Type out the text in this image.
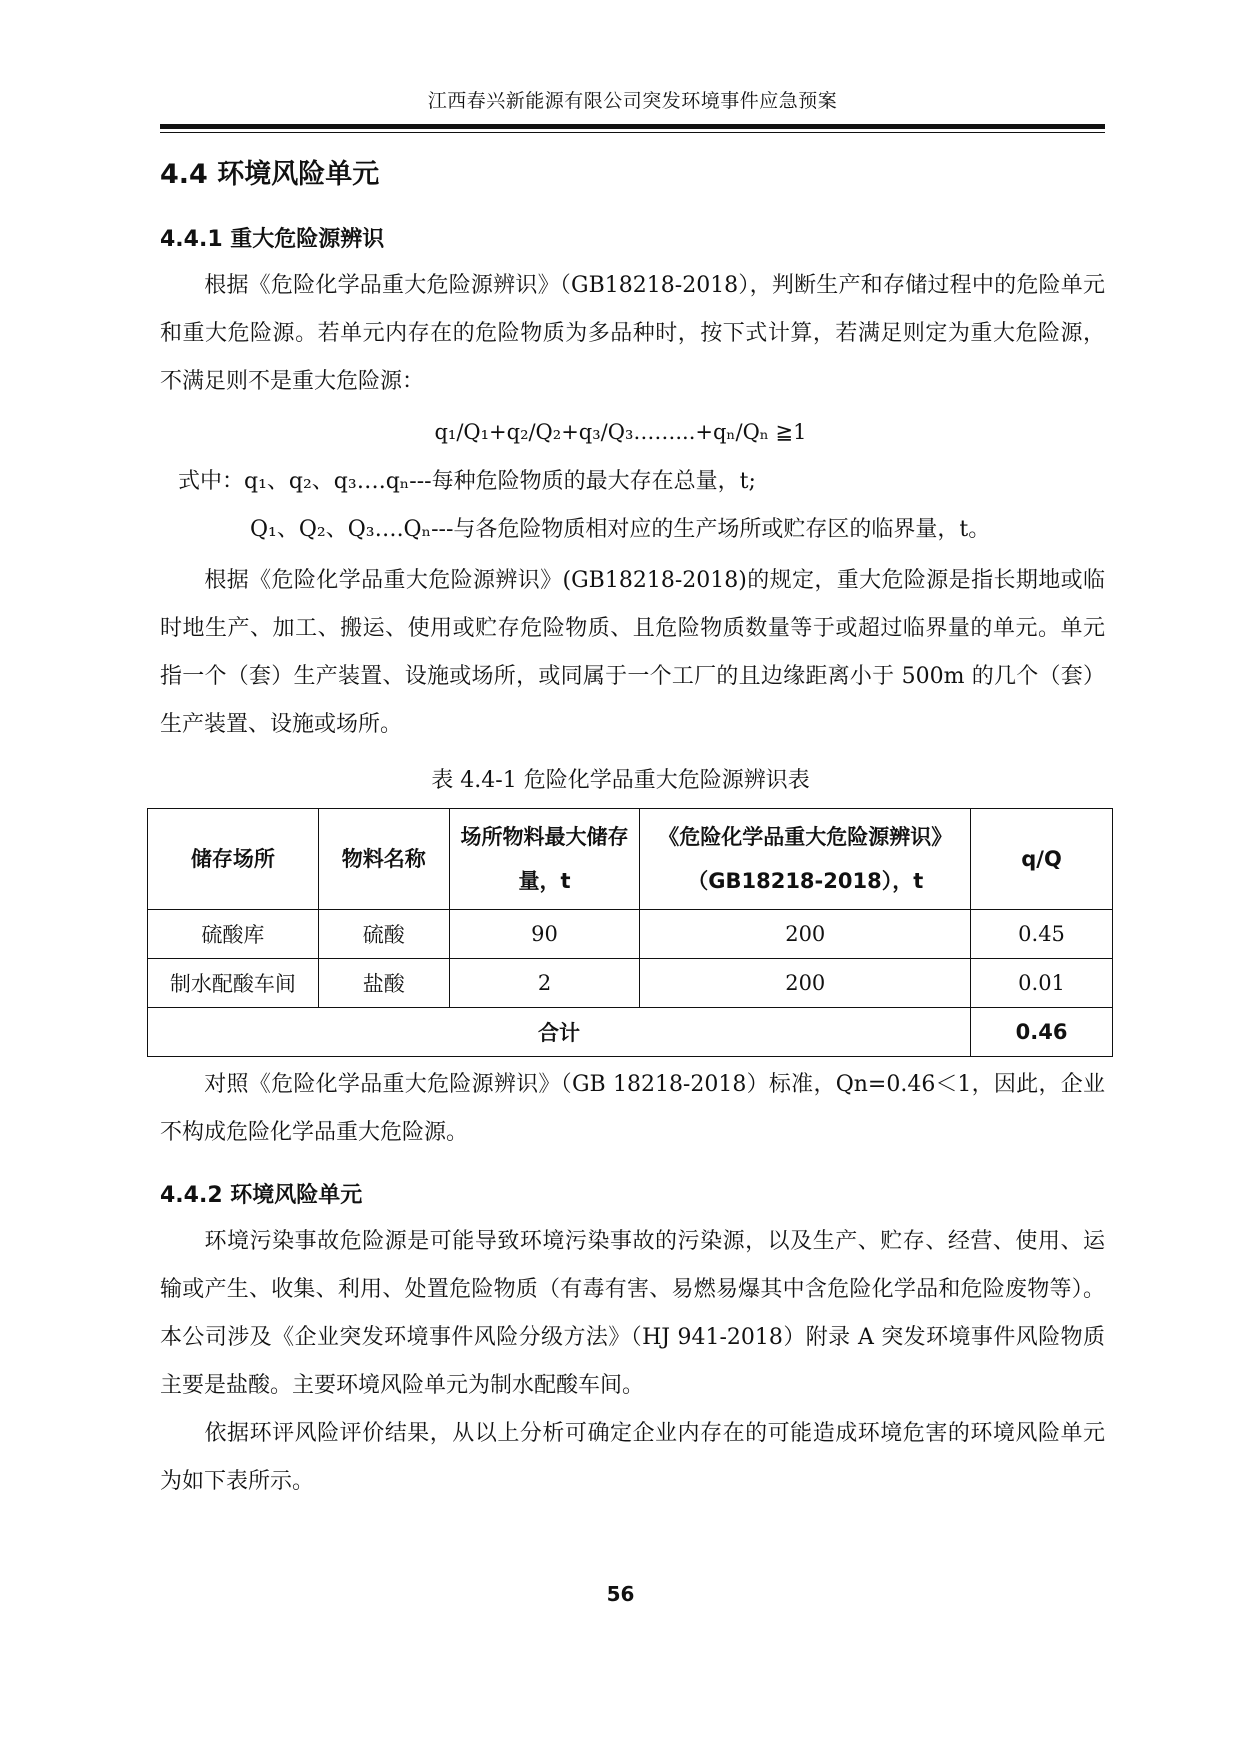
江西春兴新能源有限公司突发环境事件应急预案
4.4 环境风险单元
4.4.1 重大危险源辨识
根据《危险化学品重大危险源辨识》（GB18218-2018），判断生产和存储过程中的危险单元和重大危险源。若单元内存在的危险物质为多品种时，按下式计算，若满足则定为重大危险源，不满足则不是重大危险源：
q₁/Q₁+q₂/Q₂+q₃/Q₃……...+qₙ/Qₙ ≧1
式中：q₁、q₂、q₃….qₙ---每种危险物质的最大存在总量，t;
Q₁、Q₂、Q₃….Qₙ---与各危险物质相对应的生产场所或贮存区的临界量，t。
根据《危险化学品重大危险源辨识》(GB18218-2018)的规定，重大危险源是指长期地或临时地生产、加工、搬运、使用或贮存危险物质、且危险物质数量等于或超过临界量的单元。单元指一个（套）生产装置、设施或场所，或同属于一个工厂的且边缘距离小于 500m 的几个（套）生产装置、设施或场所。
表 4.4-1 危险化学品重大危险源辨识表
储存场所	物料名称	场所物料最大储存量，t	《危险化学品重大危险源辨识》（GB18218-2018），t	q/Q
硫酸库	硫酸	90	200	0.45
制水配酸车间	盐酸	2	200	0.01
合计				0.46
对照《危险化学品重大危险源辨识》（GB 18218-2018）标准，Qn=0.46＜1，因此，企业不构成危险化学品重大危险源。
4.4.2 环境风险单元
环境污染事故危险源是可能导致环境污染事故的污染源，以及生产、贮存、经营、使用、运输或产生、收集、利用、处置危险物质（有毒有害、易燃易爆其中含危险化学品和危险废物等）。本公司涉及《企业突发环境事件风险分级方法》（HJ 941-2018）附录 A 突发环境事件风险物质主要是盐酸。主要环境风险单元为制水配酸车间。
依据环评风险评价结果，从以上分析可确定企业内存在的可能造成环境危害的环境风险单元为如下表所示。
56
